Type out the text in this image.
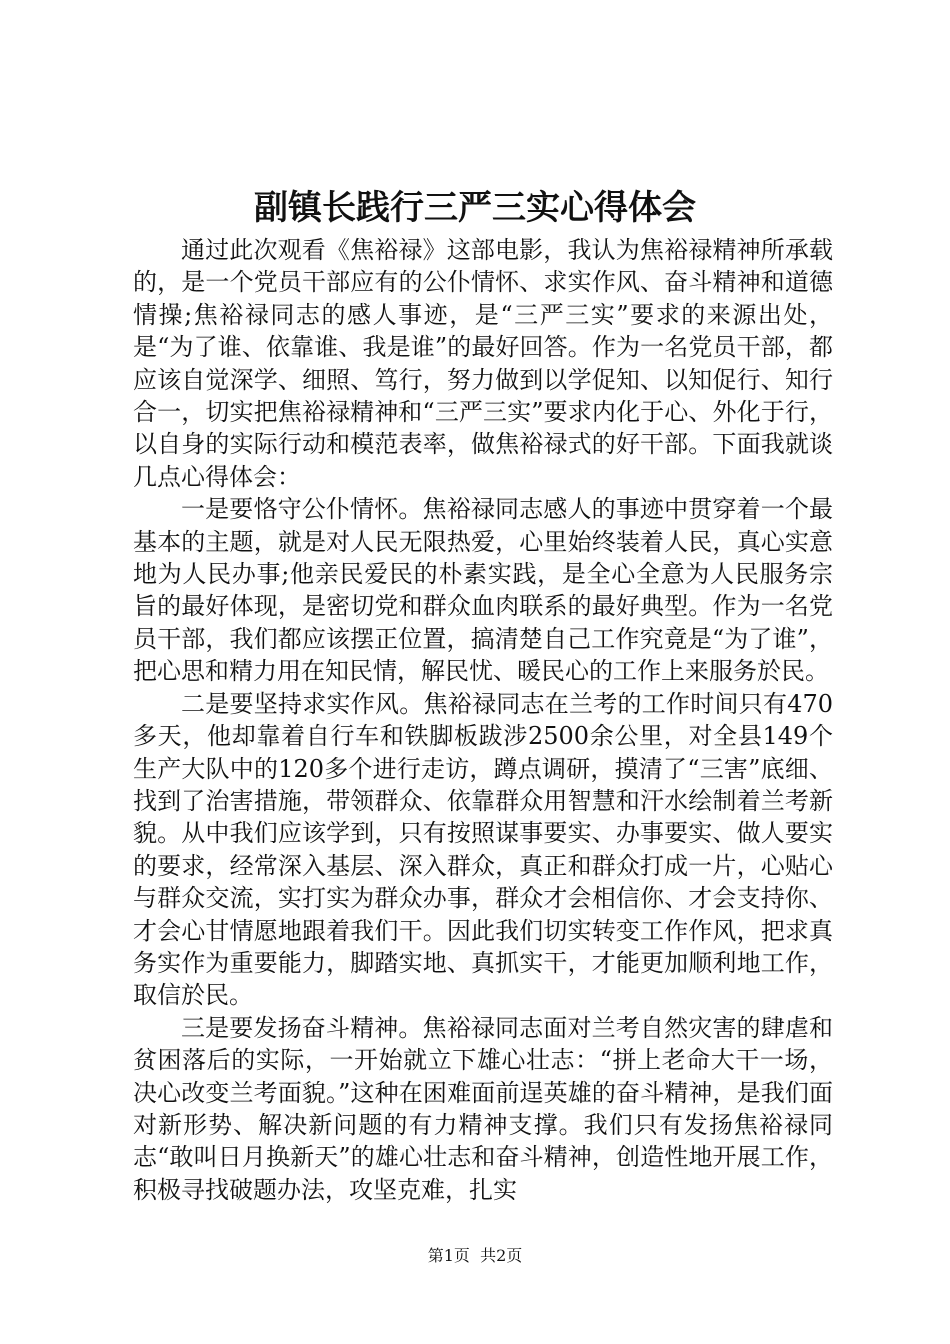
副镇长践行三严三实心得体会

通过此次观看《焦裕禄》这部电影，我认为焦裕禄精神所承载的，是一个党员干部应有的公仆情怀、求实作风、奋斗精神和道德情操;焦裕禄同志的感人事迹，是“三严三实”要求的来源出处，是“为了谁、依靠谁、我是谁”的最好回答。作为一名党员干部，都应该自觉深学、细照、笃行，努力做到以学促知、以知促行、知行合一，切实把焦裕禄精神和“三严三实”要求内化于心、外化于行，以自身的实际行动和模范表率，做焦裕禄式的好干部。下面我就谈几点心得体会：

一是要恪守公仆情怀。焦裕禄同志感人的事迹中贯穿着一个最基本的主题，就是对人民无限热爱，心里始终装着人民，真心实意地为人民办事;他亲民爱民的朴素实践，是全心全意为人民服务宗旨的最好体现，是密切党和群众血肉联系的最好典型。作为一名党员干部，我们都应该摆正位置，搞清楚自己工作究竟是“为了谁”，把心思和精力用在知民情，解民忧、暖民心的工作上来服务於民。

二是要坚持求实作风。焦裕禄同志在兰考的工作时间只有470多天，他却靠着自行车和铁脚板跋涉2500余公里，对全县149个生产大队中的120多个进行走访，蹲点调研，摸清了“三害”底细、找到了治害措施，带领群众、依靠群众用智慧和汗水绘制着兰考新貌。从中我们应该学到，只有按照谋事要实、办事要实、做人要实的要求，经常深入基层、深入群众，真正和群众打成一片，心贴心与群众交流，实打实为群众办事，群众才会相信你、才会支持你、才会心甘情愿地跟着我们干。因此我们切实转变工作作风，把求真务实作为重要能力，脚踏实地、真抓实干，才能更加顺利地工作，取信於民。

三是要发扬奋斗精神。焦裕禄同志面对兰考自然灾害的肆虐和贫困落后的实际，一开始就立下雄心壮志：“拼上老命大干一场，决心改变兰考面貌。”这种在困难面前逞英雄的奋斗精神，是我们面对新形势、解决新问题的有力精神支撑。我们只有发扬焦裕禄同志“敢叫日月换新天”的雄心壮志和奋斗精神，创造性地开展工作，积极寻找破题办法，攻坚克难，扎实

第1页 共2页
